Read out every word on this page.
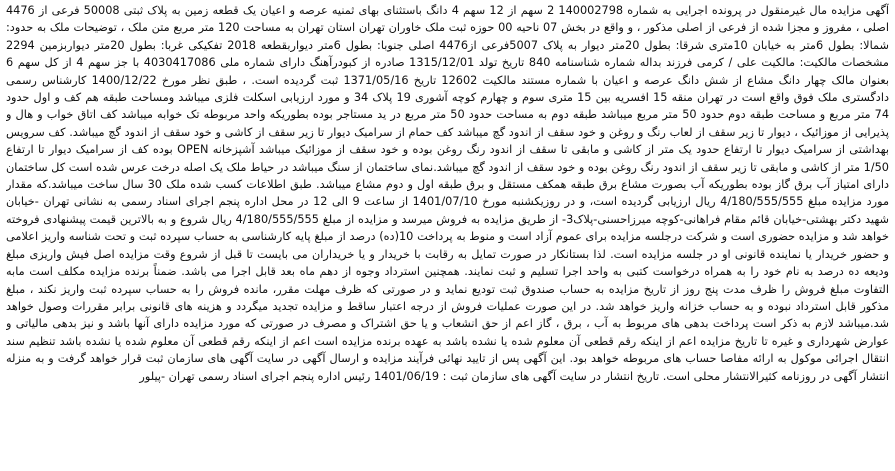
آگهی مزایده مال غیرمنقول در پرونده اجرایی به شماره 140002798 2 سهم از 12 سهم 4 دانگ باستثنای بهای ثمنیه عرصه و اعیان یک قطعه زمین به پلاک ثبتی 50008 فرعی از 4476 اصلی ، مفروز و مجزا شده از فرعی از اصلی مذکور ، و واقع در بخش 07 ناحیه 00 حوزه ثبت ملک خاوران تهران استان تهران به مساحت 120 متر مربع متن ملک ، توضیحات ملک به حدود: شمالا: بطول 6متر به خیابان 10متری شرقا: بطول 20متر دیوار به پلاک 5007فرعی از4476 اصلی جنوبا: بطول 6متر دیواربقطعه 2018 تفکیکی غربا: بطول 20متر دیواربزمین 2294 مشخصات مالکیت: مالکیت علی / کرمی فرزند بداله شماره شناسنامه 840 تاریخ تولد 1315/12/01 صادره از کبودرآهنگ دارای شماره ملی 4030417086 با جز سهم 4 از کل سهم 6 بعنوان مالک چهار دانگ مشاع از شش دانگ عرصه و اعیان با شماره مستند مالکیت 12602 تاریخ 1371/05/16 ثبت گردیده است. ، طبق نظر مورخ 1400/12/22 کارشناس رسمی دادگستری ملک فوق واقع است در تهران منقه 15 افسریه بین 15 متری سوم و چهارم کوچه آشوری 19 پلاک 34 و مورد ارزیابی اسکلت فلزی میباشد ومساحت طبقه هم کف و اول حدود 74 متر مربع و مساحت طبقه دوم حدود 50 متر مربع میباشد طبقه دوم به مساحت حدود 50 متر مربع در ید مستاجر بوده بطوریکه واحد مربوطه تک خوابه میباشد کف اتاق خواب و هال و پذیرایی از موزائیک ، دیوار تا زیر سقف از لعاب رنگ و روغن و خود سقف از اندود گچ میباشد کف حمام از سرامیک دیوار تا زیر سقف از کاشی و خود سقف از اندود گچ میباشد. کف سرویس بهداشتی از سرامیک دیوار تا ارتفاع حدود یک متر از کاشی و مابقی تا سقف از اندود رنگ روغن بوده و خود سقف از موزائیک میباشد آشپزخانه OPEN بوده کف از سرامیک دیوار تا ارتفاع 1/50 متر از کاشی و مابقی تا زیر سقف از اندود رنگ روغن بوده و خود سقف از اندود گچ میباشد.نمای ساختمان از سنگ میباشد در حیاط ملک یک اصله درخت عرس شده است کل ساختمان دارای امتیاز آب برق گاز بوده بطوریکه آب بصورت مشاع برق طبقه همکف مستقل و برق طبقه اول و دوم مشاع میباشد. طبق اطلاعات کسب شده ملک 30 سال ساخت میباشد.که مقدار مورد مزایده مبلغ 4/180/555/555 ریال ارزیابی گردیده است، و در روزیکشنبه مورخ 1401/07/10 از ساعت 9 الی 12 در محل اداره پنجم اجرای اسناد رسمی به نشانی تهران -خیابان شهید دکتر بهشتی-خیابان قائم مقام فراهانی-کوچه میرزاحسنی-پلاک3- از طریق مزایده به فروش میرسد و مزایده از مبلغ 4/180/555/555 ریال شروع و به بالاترین قیمت پیشنهادی فروخته خواهد شد و مزایده حضوری است و شرکت درجلسه مزایده برای عموم آزاد است و منوط به پرداخت 10(ده) درصد از مبلغ پایه کارشناسی به حساب سپرده ثبت و تحت شناسه واریز اعلامی و حضور خریدار یا نماینده قانونی او در جلسه مزایده است. لذا بستانکار در صورت تمایل به رقابت با خریدار و یا خریداران می بایست تا قبل از شروع وقت مزایده اصل فیش واریزی مبلغ ودیعه ده درصد به نام خود را به همراه درخواست کتبی به واحد اجرا تسلیم و ثبت نمایند. همچنین استرداد وجوه از دهم ماه بعد قابل اجرا می باشد. ضمناً برنده مزایده مکلف است مابه التفاوت مبلغ فروش را ظرف مدت پنج روز از تاریخ مزایده به حساب صندوق ثبت تودیع نماید و در صورتی که ظرف مهلت مقرر، مانده فروش را به حساب سپرده ثبت واریز نکند ، مبلغ مذکور قابل استرداد نبوده و به حساب خزانه واریز خواهد شد. در این صورت عملیات فروش از درجه اعتبار ساقط و مزایده تجدید میگردد و هزینه های قانونی برابر مقررات وصول خواهد شد.میباشد لازم به ذکر است پرداخت بدهی های مربوط به آب ، برق ، گاز اعم از حق انشعاب و یا حق اشتراک و مصرف در صورتی که مورد مزایده دارای آنها باشد و نیز بدهی مالیاتی و عوارض شهرداری و غیره تا تاریخ مزایده اعم از اینکه رقم قطعی آن معلوم شده یا نشده باشد به عهده برنده مزایده است اعم از اینکه رقم قطعی آن معلوم شده یا نشده باشد تنظیم سند انتقال اجرائی موکول به ارائه مفاصا حساب های مربوطه خواهد بود. این آگهی پس از تایید نهائی فرآیند مزایده و ارسال آگهی در سایت آگهی های سازمان ثبت قرار خواهد گرفت و به منزله انتشار آگهی در روزنامه کثیرالانتشار محلی است. تاریخ انتشار در سایت آگهی های سازمان ثبت : 1401/06/19 رئیس اداره پنجم اجرای اسناد رسمی تهران -پیلور
